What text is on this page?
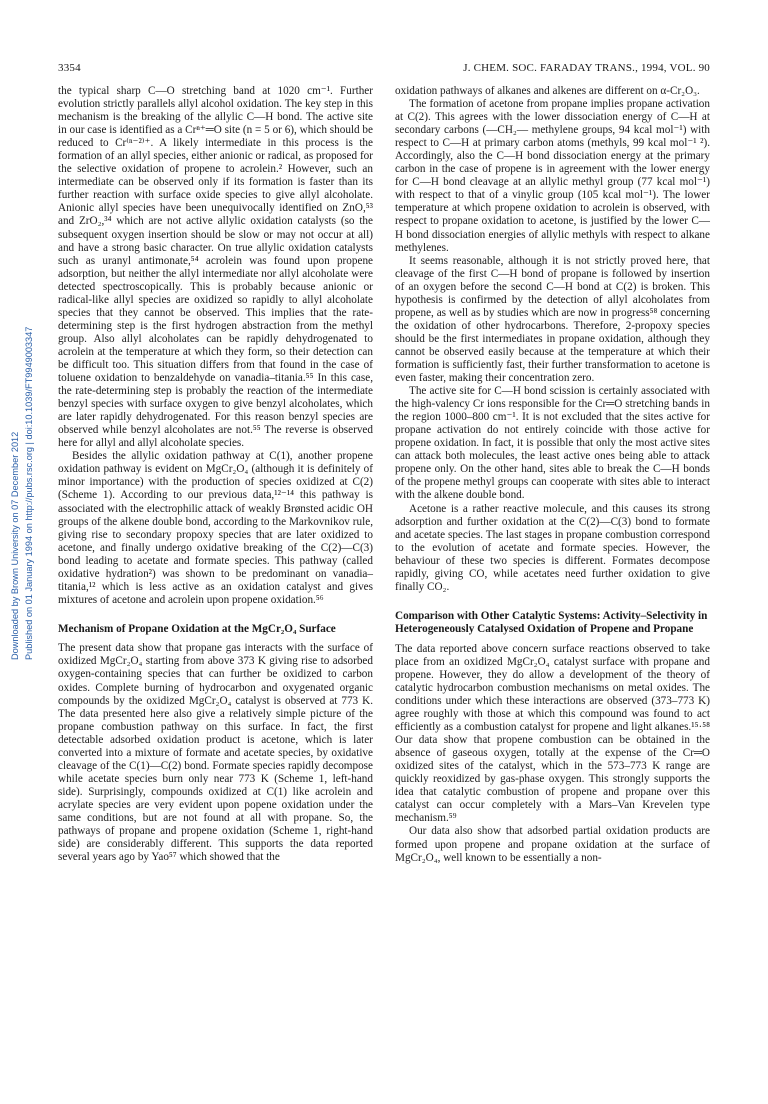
3354	J. CHEM. SOC. FARADAY TRANS., 1994, VOL. 90
Downloaded by Brown University on 07 December 2012 Published on 01 January 1994 on http://pubs.rsc.org | doi:10.1039/FT9949003347

the typical sharp C—O stretching band at 1020 cm⁻¹. Further evolution strictly parallels allyl alcohol oxidation. The key step in this mechanism is the breaking of the allylic C—H bond. The active site in our case is identified as a Crⁿ⁺═O site (n = 5 or 6), which should be reduced to Cr⁽ⁿ⁻²⁾⁺. A likely intermediate in this process is the formation of an allyl species, either anionic or radical, as proposed for the selective oxidation of propene to acrolein.² However, such an intermediate can be observed only if its formation is faster than its further reaction with surface oxide species to give allyl alcoholate. Anionic allyl species have been unequivocally identified on ZnO,⁵³ and ZrO₂,³⁴ which are not active allylic oxidation catalysts (so the subsequent oxygen insertion should be slow or may not occur at all) and have a strong basic character. On true allylic oxidation catalysts such as uranyl antimonate,⁵⁴ acrolein was found upon propene adsorption, but neither the allyl intermediate nor allyl alcoholate were detected spectroscopically. This is probably because anionic or radical-like allyl species are oxidized so rapidly to allyl alcoholate species that they cannot be observed. This implies that the rate-determining step is the first hydrogen abstraction from the methyl group. Also allyl alcoholates can be rapidly dehydrogenated to acrolein at the temperature at which they form, so their detection can be difficult too. This situation differs from that found in the case of toluene oxidation to benzaldehyde on vanadia–titania.⁵⁵ In this case, the rate-determining step is probably the reaction of the intermediate benzyl species with surface oxygen to give benzyl alcoholates, which are later rapidly dehydrogenated. For this reason benzyl species are observed while benzyl alcoholates are not.⁵⁵ The reverse is observed here for allyl and allyl alcoholate species.

Besides the allylic oxidation pathway at C(1), another propene oxidation pathway is evident on MgCr₂O₄ (although it is definitely of minor importance) with the production of species oxidized at C(2) (Scheme 1). According to our previous data,¹²⁻¹⁴ this pathway is associated with the electrophilic attack of weakly Brønsted acidic OH groups of the alkene double bond, according to the Markovnikov rule, giving rise to secondary propoxy species that are later oxidized to acetone, and finally undergo oxidative breaking of the C(2)—C(3) bond leading to acetate and formate species. This pathway (called oxidative hydration²) was shown to be predominant on vanadia–titania,¹² which is less active as an oxidation catalyst and gives mixtures of acetone and acrolein upon propene oxidation.⁵⁶

Mechanism of Propane Oxidation at the MgCr₂O₄ Surface

The present data show that propane gas interacts with the surface of oxidized MgCr₂O₄ starting from above 373 K giving rise to adsorbed oxygen-containing species that can further be oxidized to carbon oxides. Complete burning of hydrocarbon and oxygenated organic compounds by the oxidized MgCr₂O₄ catalyst is observed at 773 K. The data presented here also give a relatively simple picture of the propane combustion pathway on this surface. In fact, the first detectable adsorbed oxidation product is acetone, which is later converted into a mixture of formate and acetate species, by oxidative cleavage of the C(1)—C(2) bond. Formate species rapidly decompose while acetate species burn only near 773 K (Scheme 1, left-hand side). Surprisingly, compounds oxidized at C(1) like acrolein and acrylate species are very evident upon popene oxidation under the same conditions, but are not found at all with propane. So, the pathways of propane and propene oxidation (Scheme 1, right-hand side) are considerably different. This supports the data reported several years ago by Yao⁵⁷ which showed that the

oxidation pathways of alkanes and alkenes are different on α-Cr₂O₃.

The formation of acetone from propane implies propane activation at C(2). This agrees with the lower dissociation energy of C—H at secondary carbons (—CH₂— methylene groups, 94 kcal mol⁻¹) with respect to C—H at primary carbon atoms (methyls, 99 kcal mol⁻¹ ²). Accordingly, also the C—H bond dissociation energy at the primary carbon in the case of propene is in agreement with the lower energy for C—H bond cleavage at an allylic methyl group (77 kcal mol⁻¹) with respect to that of a vinylic group (105 kcal mol⁻¹). The lower temperature at which propene oxidation to acrolein is observed, with respect to propane oxidation to acetone, is justified by the lower C—H bond dissociation energies of allylic methyls with respect to alkane methylenes.

It seems reasonable, although it is not strictly proved here, that cleavage of the first C—H bond of propane is followed by insertion of an oxygen before the second C—H bond at C(2) is broken. This hypothesis is confirmed by the detection of allyl alcoholates from propene, as well as by studies which are now in progress⁵⁸ concerning the oxidation of other hydrocarbons. Therefore, 2-propoxy species should be the first intermediates in propane oxidation, although they cannot be observed easily because at the temperature at which their formation is sufficiently fast, their further transformation to acetone is even faster, making their concentration zero.

The active site for C—H bond scission is certainly associated with the high-valency Cr ions responsible for the Cr═O stretching bands in the region 1000–800 cm⁻¹. It is not excluded that the sites active for propane activation do not entirely coincide with those active for propene oxidation. In fact, it is possible that only the most active sites can attack both molecules, the least active ones being able to attack propene only. On the other hand, sites able to break the C—H bonds of the propene methyl groups can cooperate with sites able to interact with the alkene double bond.

Acetone is a rather reactive molecule, and this causes its strong adsorption and further oxidation at the C(2)—C(3) bond to formate and acetate species. The last stages in propane combustion correspond to the evolution of acetate and formate species. However, the behaviour of these two species is different. Formates decompose rapidly, giving CO, while acetates need further oxidation to give finally CO₂.

Comparison with Other Catalytic Systems: Activity–Selectivity in Heterogeneously Catalysed Oxidation of Propene and Propane

The data reported above concern surface reactions observed to take place from an oxidized MgCr₂O₄ catalyst surface with propane and propene. However, they do allow a development of the theory of catalytic hydrocarbon combustion mechanisms on metal oxides. The conditions under which these interactions are observed (373–773 K) agree roughly with those at which this compound was found to act efficiently as a combustion catalyst for propene and light alkanes.¹⁵·⁵⁸ Our data show that propene combustion can be obtained in the absence of gaseous oxygen, totally at the expense of the Cr═O oxidized sites of the catalyst, which in the 573–773 K range are quickly reoxidized by gas-phase oxygen. This strongly supports the idea that catalytic combustion of propene and propane over this catalyst can occur completely with a Mars–Van Krevelen type mechanism.⁵⁹

Our data also show that adsorbed partial oxidation products are formed upon propene and propane oxidation at the surface of MgCr₂O₄, well known to be essentially a non-
